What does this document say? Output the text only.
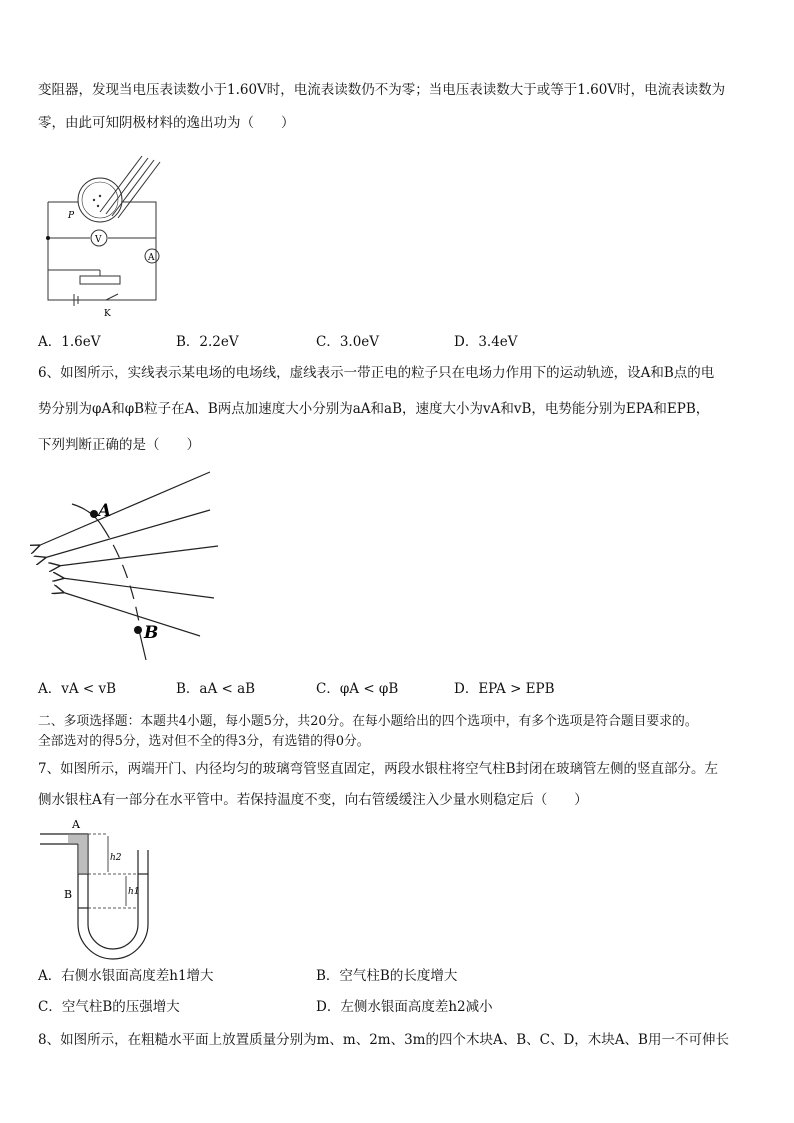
变阻器，发现当电压表读数小于1.60V时，电流表读数仍不为零；当电压表读数大于或等于1.60V时，电流表读数为
零，由此可知阴极材料的逸出功为（　　）
P
V
A
K
A．1.6eV	B．2.2eV	C．3.0eV	D．3.4eV
6、如图所示，实线表示某电场的电场线，虚线表示一带正电的粒子只在电场力作用下的运动轨迹，设A和B点的电
势分别为φA和φB粒子在A、B两点加速度大小分别为aA和aB，速度大小为vA和vB，电势能分别为EPA和EPB，
下列判断正确的是（　　）
A
B
A．vA < vB	B．aA < aB	C．φA < φB	D．EPA > EPB
二、多项选择题：本题共4小题，每小题5分，共20分。在每小题给出的四个选项中，有多个选项是符合题目要求的。
全部选对的得5分，选对但不全的得3分，有选错的得0分。
7、如图所示，两端开门、内径均匀的玻璃弯管竖直固定，两段水银柱将空气柱B封闭在玻璃管左侧的竖直部分。左
侧水银柱A有一部分在水平管中。若保持温度不变，向右管缓缓注入少量水则稳定后（　　）
A
B
h2
h1
A．右侧水银面高度差h1增大	B．空气柱B的长度增大
C．空气柱B的压强增大	D．左侧水银面高度差h2减小
8、如图所示，在粗糙水平面上放置质量分别为m、m、2m、3m的四个木块A、B、C、D，木块A、B用一不可伸长
